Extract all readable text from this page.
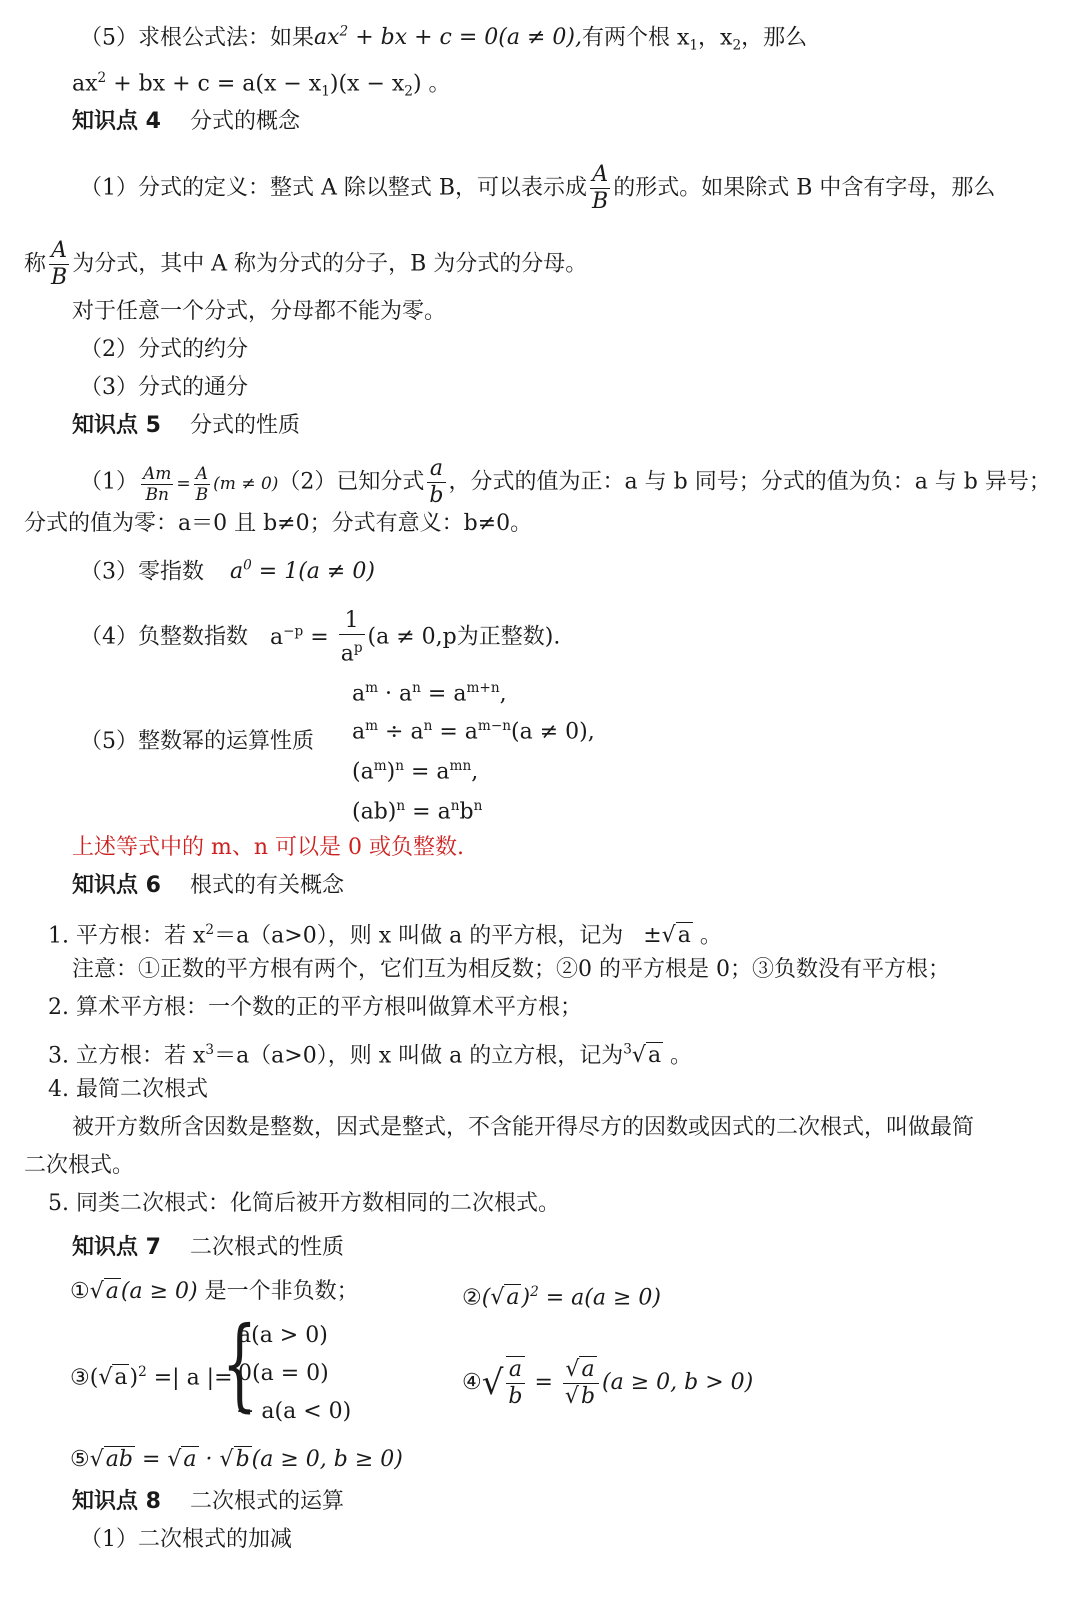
（5）求根公式法：如果$ax^2$ + bx + c = 0(a ≠ 0),有两个根 $x_1$，$x_2$，那么
$ax^2$ + bx + $c = a(x - x_1)(x - x_2)$ 。
知识点 4 分式的概念
（1）分式的定义：整式 A 除以整式 B，可以表示成 $\frac{A}{B}$ 的形式。如果除式 B 中含有字母，那么
称 $\frac{A}{B}$ 为分式，其中 A 称为分式的分子，B 为分式的分母。
对于任意一个分式，分母都不能为零。
（2）分式的约分
（3）分式的通分
知识点 5 分式的性质
$(1) \frac{Am}{Bn} = \frac{A}{B} (m \ne 0)(2)$已知分式 $\frac{a}{b}$ ，分式的值为正：a 与 b 同号；分式的值为负：a 与 b 异号；
分式的值为零：a＝0 且 b≠0；分式有意义：b≠0。
（3）零指数 $a^0 = 1(a \ne 0)$
（4）负整数指数 $a^{-p} = \frac{1}{a^p} (a \ne 0,p$为正整数).
（5）整数幂的运算性质
$a^m \cdot a^n = a^{m+n}$,
$a^m \div a^n = a^{m-n}(a \ne 0)$,
$(a^m)^n = a^{mn}$,
$(ab)^n = a^nb^n$
上述等式中的 m、n 可以是 0 或负整数.
知识点 6 根式的有关概念
1. 平方根：若 $x^2=a(a>0)$，则 x 叫做 a 的平方根，记为 ±√a 。
注意：①正数的平方根有两个，它们互为相反数；②0 的平方根是 0；③负数没有平方根；
2. 算术平方根：一个数的正的平方根叫做算术平方根；
3. 立方根：若 $x^3=a(a>0)$，则 x 叫做 a 的立方根，记为$^3$√a 。
4. 最简二次根式
被开方数所含因数是整数，因式是整式，不含能开得尽方的因数或因式的二次根式，叫做最简
二次根式。
5. 同类二次根式：化简后被开方数相同的二次根式。
知识点 7 二次根式的性质
①√a(a ≥ 0) 是一个非负数；	$②(√a)^2 = a(a \ge 0)$
$③(√a)^2$ =| a |=
{
a(a > 0)
0(a = 0)
− a(a < 0)
④√ $\frac{a}{b} = \frac{√a}{√b} (a \ge 0$, b > 0)
⑤√ab = √a · √b(a ≥ 0, b ≥ 0)
知识点 8 二次根式的运算
（1）二次根式的加减
